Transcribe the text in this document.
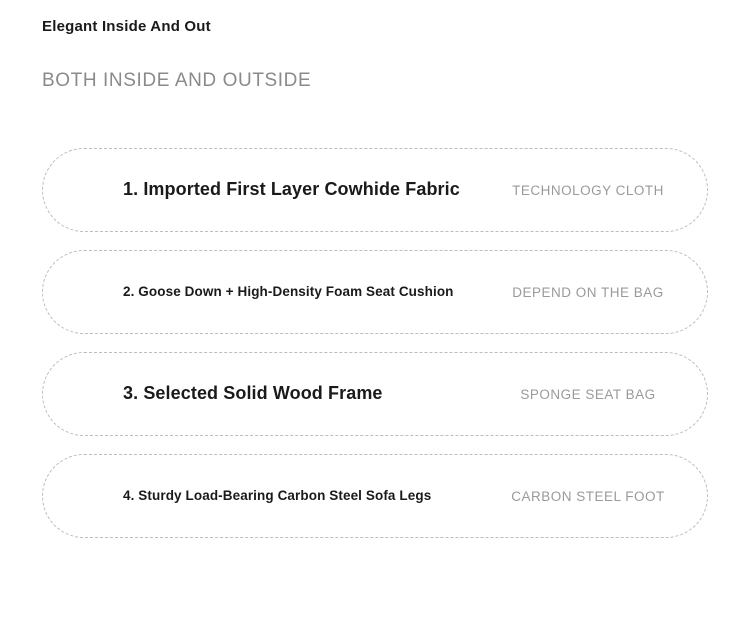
Elegant Inside And Out
BOTH INSIDE AND OUTSIDE
1. Imported First Layer Cowhide Fabric	TECHNOLOGY CLOTH
2. Goose Down + High-Density Foam Seat Cushion	DEPEND ON THE BAG
3. Selected Solid Wood Frame	SPONGE SEAT BAG
4. Sturdy Load-Bearing Carbon Steel Sofa Legs	CARBON STEEL FOOT
